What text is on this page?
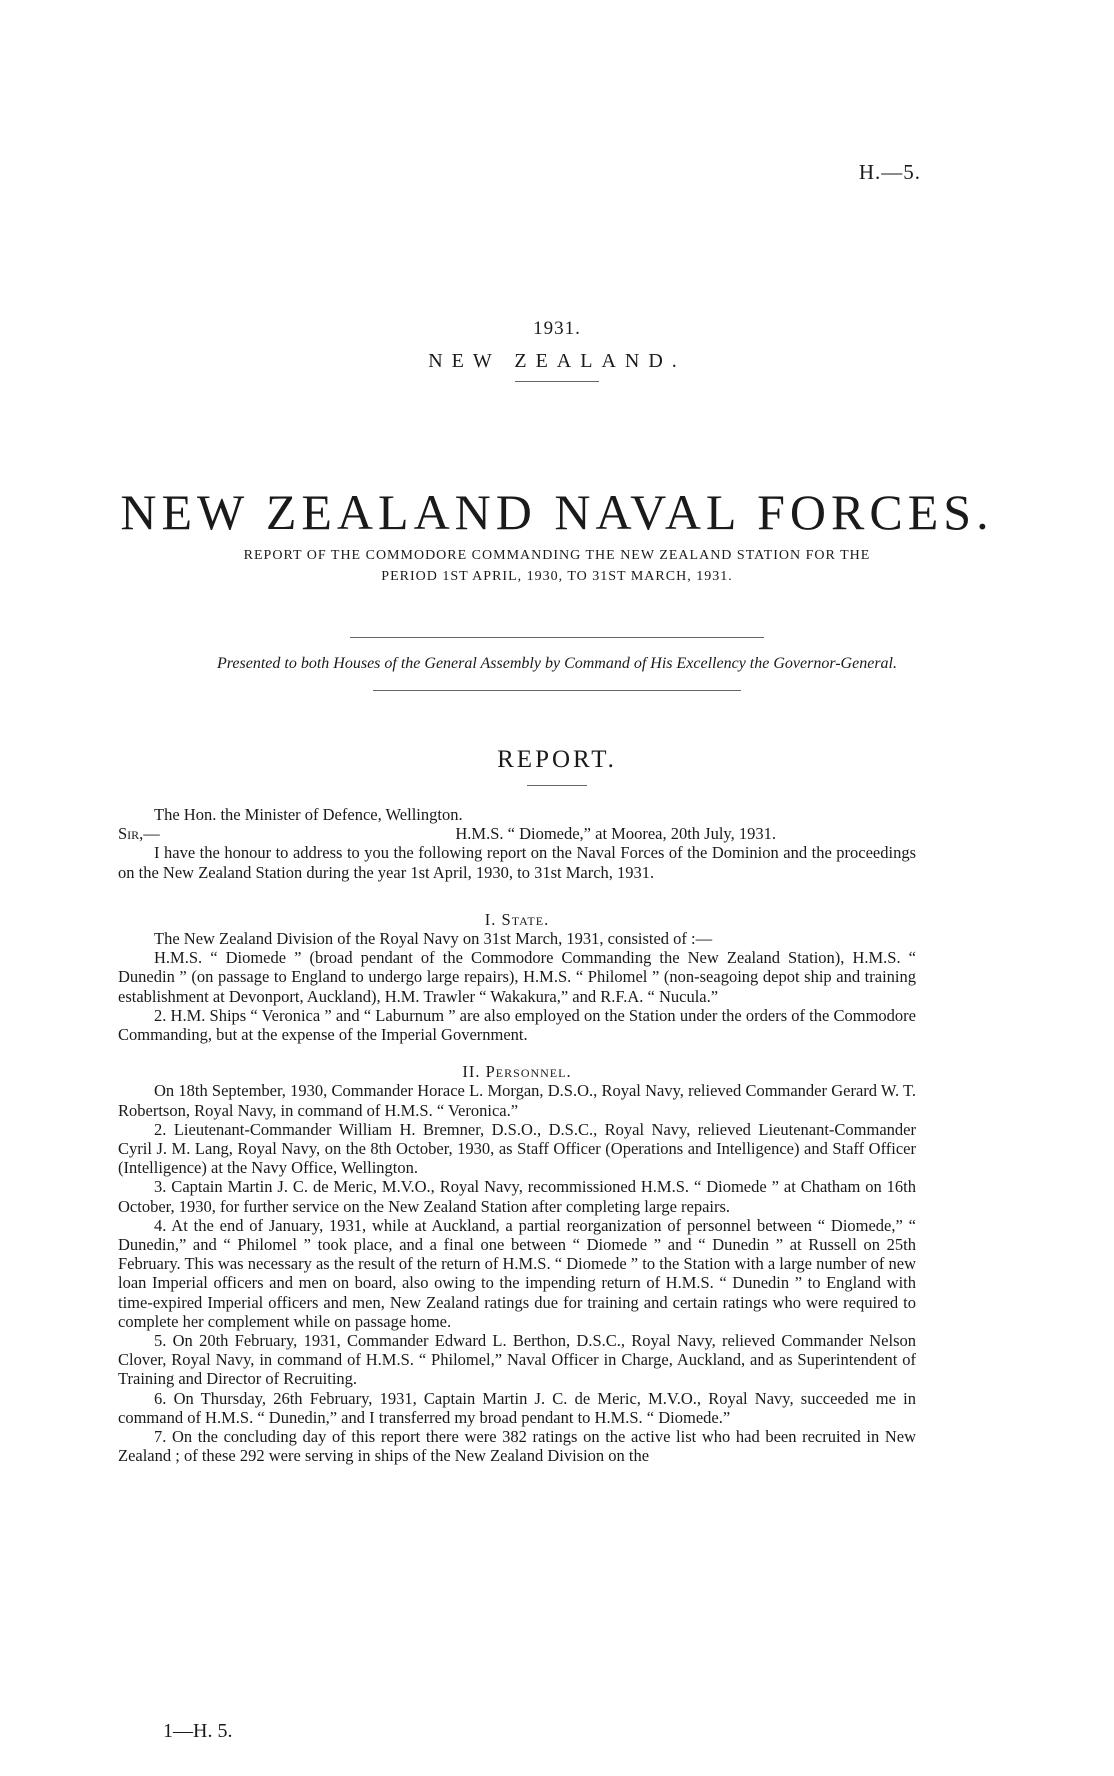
H.—5.
1931.
NEW ZEALAND.
NEW ZEALAND NAVAL FORCES.
REPORT OF THE COMMODORE COMMANDING THE NEW ZEALAND STATION FOR THE
PERIOD 1ST APRIL, 1930, TO 31ST MARCH, 1931.
Presented to both Houses of the General Assembly by Command of His Excellency the Governor-General.
REPORT.

The Hon. the Minister of Defence, Wellington.

Sir,—	H.M.S. “ Diomede,” at Moorea, 20th July, 1931.

I have the honour to address to you the following report on the Naval Forces of the Dominion and the proceedings on the New Zealand Station during the year 1st April, 1930, to 31st March, 1931.

I. State.

The New Zealand Division of the Royal Navy on 31st March, 1931, consisted of :—

H.M.S. “ Diomede ” (broad pendant of the Commodore Commanding the New Zealand Station), H.M.S. “ Dunedin ” (on passage to England to undergo large repairs), H.M.S. “ Philomel ” (non-seagoing depot ship and training establishment at Devonport, Auckland), H.M. Trawler “ Wakakura,” and R.F.A. “ Nucula.”

2. H.M. Ships “ Veronica ” and “ Laburnum ” are also employed on the Station under the orders of the Commodore Commanding, but at the expense of the Imperial Government.

II. Personnel.

On 18th September, 1930, Commander Horace L. Morgan, D.S.O., Royal Navy, relieved Commander Gerard W. T. Robertson, Royal Navy, in command of H.M.S. “ Veronica.”

2. Lieutenant-Commander William H. Bremner, D.S.O., D.S.C., Royal Navy, relieved Lieutenant-Commander Cyril J. M. Lang, Royal Navy, on the 8th October, 1930, as Staff Officer (Operations and Intelligence) and Staff Officer (Intelligence) at the Navy Office, Wellington.

3. Captain Martin J. C. de Meric, M.V.O., Royal Navy, recommissioned H.M.S. “ Diomede ” at Chatham on 16th October, 1930, for further service on the New Zealand Station after completing large repairs.

4. At the end of January, 1931, while at Auckland, a partial reorganization of personnel between “ Diomede,” “ Dunedin,” and “ Philomel ” took place, and a final one between “ Diomede ” and “ Dunedin ” at Russell on 25th February. This was necessary as the result of the return of H.M.S. “ Diomede ” to the Station with a large number of new loan Imperial officers and men on board, also owing to the impending return of H.M.S. “ Dunedin ” to England with time-expired Imperial officers and men, New Zealand ratings due for training and certain ratings who were required to complete her complement while on passage home.

5. On 20th February, 1931, Commander Edward L. Berthon, D.S.C., Royal Navy, relieved Commander Nelson Clover, Royal Navy, in command of H.M.S. “ Philomel,” Naval Officer in Charge, Auckland, and as Superintendent of Training and Director of Recruiting.

6. On Thursday, 26th February, 1931, Captain Martin J. C. de Meric, M.V.O., Royal Navy, succeeded me in command of H.M.S. “ Dunedin,” and I transferred my broad pendant to H.M.S. “ Diomede.”

7. On the concluding day of this report there were 382 ratings on the active list who had been recruited in New Zealand ; of these 292 were serving in ships of the New Zealand Division on the

1—H. 5.
